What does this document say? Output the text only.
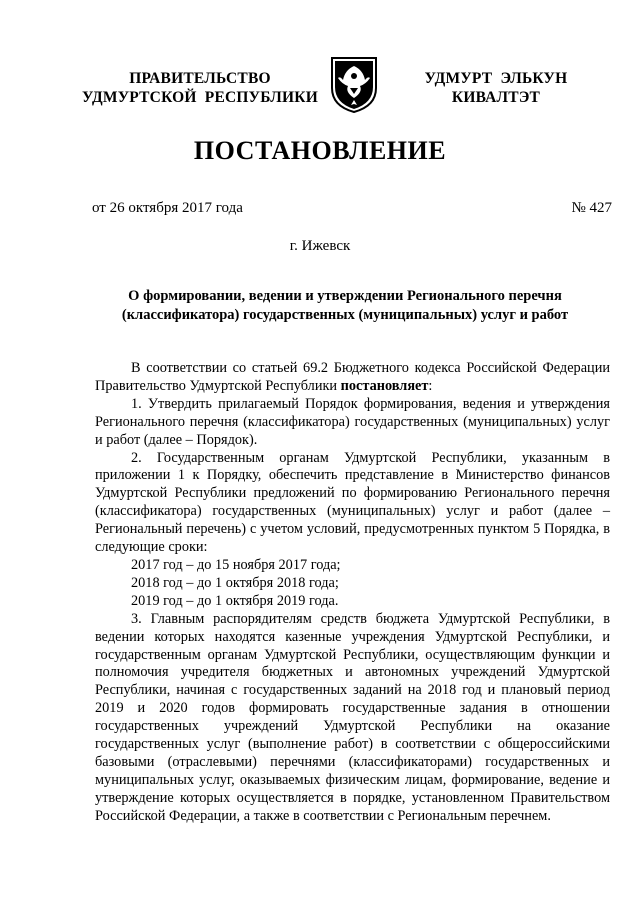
ПРАВИТЕЛЬСТВО
УДМУРТСКОЙ  РЕСПУБЛИКИ
УДМУРТ  ЭЛЬКУН
КИВАЛТЭТ
ПОСТАНОВЛЕНИЕ
от 26 октября 2017 года	№ 427
г. Ижевск
О формировании, ведении и утверждении Регионального перечня
(классификатора) государственных (муниципальных) услуг и работ

В соответствии со статьей 69.2 Бюджетного кодекса Российской Федерации Правительство Удмуртской Республики постановляет:

1. Утвердить прилагаемый Порядок формирования, ведения и утверждения Регионального перечня (классификатора) государственных (муниципальных) услуг и работ (далее – Порядок).

2. Государственным органам Удмуртской Республики, указанным в приложении 1 к Порядку, обеспечить представление в Министерство финансов Удмуртской Республики предложений по формированию Регионального перечня (классификатора) государственных (муниципальных) услуг и работ (далее – Региональный перечень) с учетом условий, предусмотренных пунктом 5 Порядка, в следующие сроки:

2017 год – до 15 ноября 2017 года;

2018 год – до 1 октября 2018 года;

2019 год – до 1 октября 2019 года.

3. Главным распорядителям средств бюджета Удмуртской Республики, в ведении которых находятся казенные учреждения Удмуртской Республики, и государственным органам Удмуртской Республики, осуществляющим функции и полномочия учредителя бюджетных и автономных учреждений Удмуртской Республики, начиная с государственных заданий на 2018 год и плановый период 2019 и 2020 годов формировать государственные задания в отношении государственных учреждений Удмуртской Республики на оказание государственных услуг (выполнение работ) в соответствии с общероссийскими базовыми (отраслевыми) перечнями (классификаторами) государственных и муниципальных услуг, оказываемых физическим лицам, формирование, ведение и утверждение которых осуществляется в порядке, установленном Правительством Российской Федерации, а также в соответствии с Региональным перечнем.
